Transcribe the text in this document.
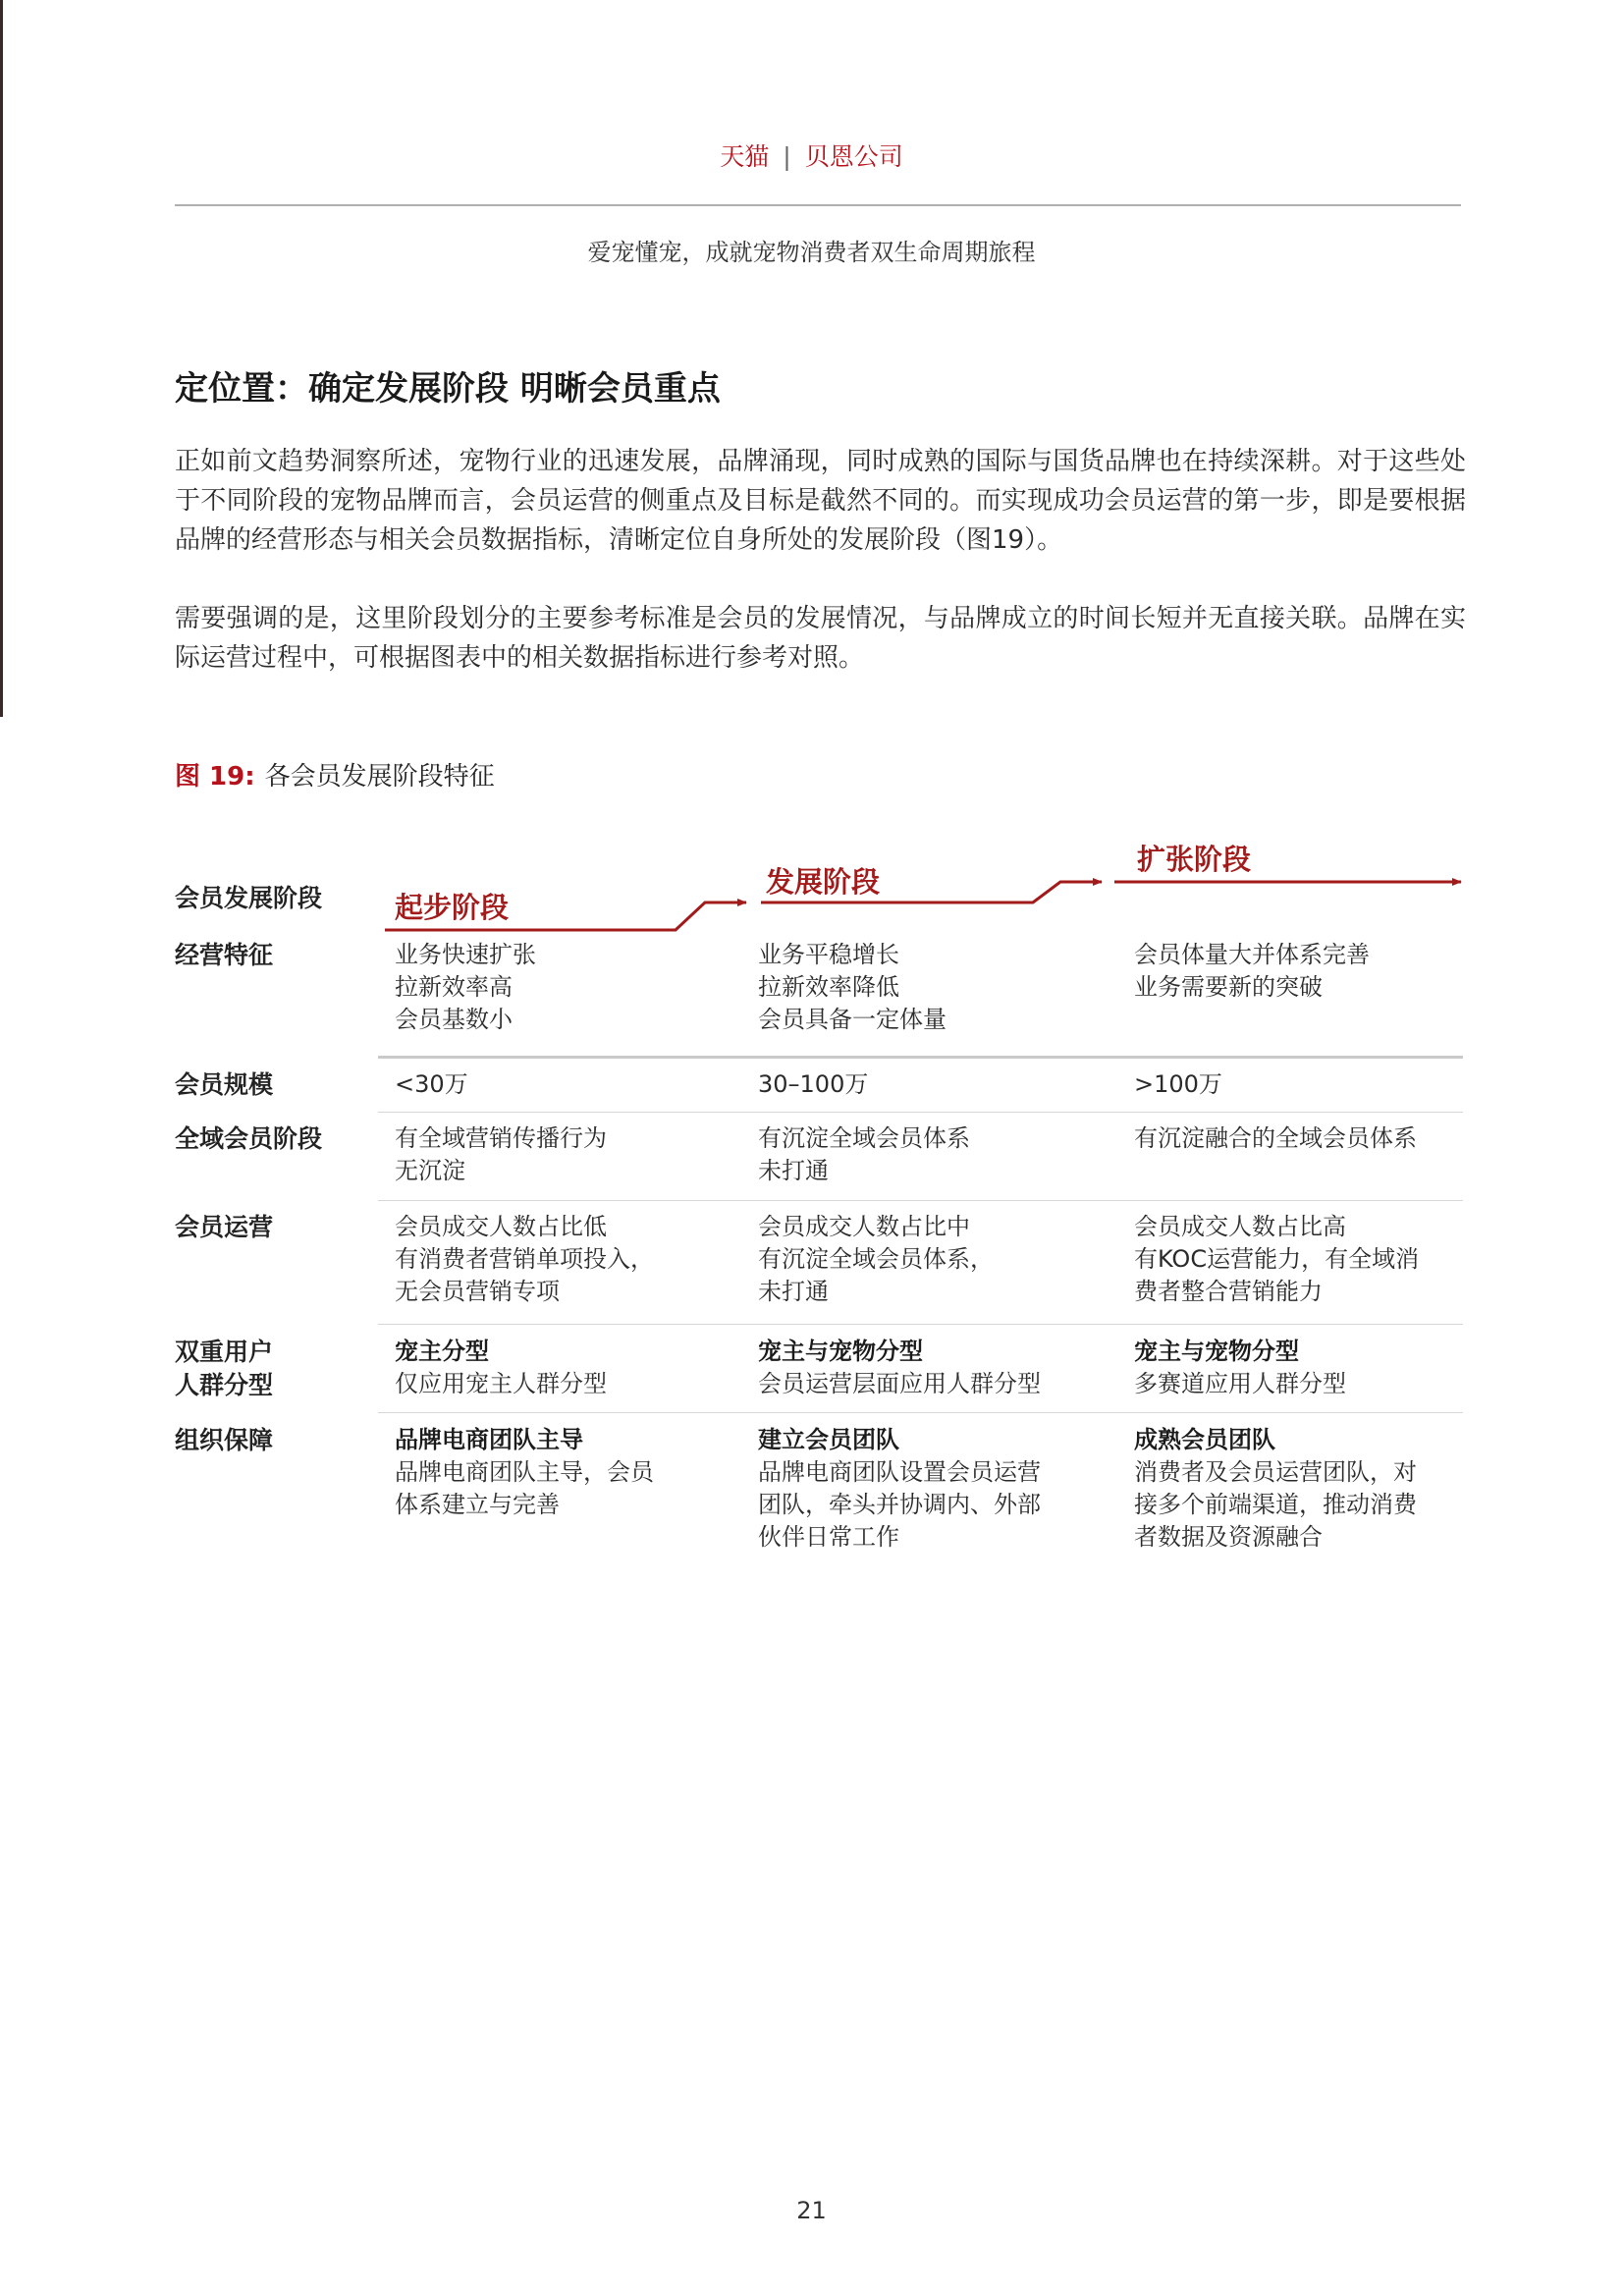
天猫 | 贝恩公司
爱宠懂宠，成就宠物消费者双生命周期旅程
定位置：确定发展阶段 明晰会员重点
正如前文趋势洞察所述，宠物行业的迅速发展，品牌涌现，同时成熟的国际与国货品牌也在持续深耕。对于这些处于不同阶段的宠物品牌而言，会员运营的侧重点及目标是截然不同的。而实现成功会员运营的第一步，即是要根据品牌的经营形态与相关会员数据指标，清晰定位自身所处的发展阶段（图19）。
需要强调的是，这里阶段划分的主要参考标准是会员的发展情况，与品牌成立的时间长短并无直接关联。品牌在实际运营过程中，可根据图表中的相关数据指标进行参考对照。
图 19: 各会员发展阶段特征
起步阶段
发展阶段
扩张阶段
会员发展阶段
经营特征
会员规模
全域会员阶段
会员运营
双重用户
人群分型
组织保障
业务快速扩张
拉新效率高
会员基数小
业务平稳增长
拉新效率降低
会员具备一定体量
会员体量大并体系完善
业务需要新的突破
<30万	30–100万	>100万
有全域营销传播行为
无沉淀
有沉淀全域会员体系
未打通
有沉淀融合的全域会员体系
会员成交人数占比低
有消费者营销单项投入，
无会员营销专项
会员成交人数占比中
有沉淀全域会员体系，
未打通
会员成交人数占比高
有KOC运营能力，有全域消
费者整合营销能力
宠主分型
仅应用宠主人群分型
宠主与宠物分型
会员运营层面应用人群分型
宠主与宠物分型
多赛道应用人群分型
品牌电商团队主导
品牌电商团队主导，会员
体系建立与完善
建立会员团队
品牌电商团队设置会员运营
团队，牵头并协调内、外部
伙伴日常工作
成熟会员团队
消费者及会员运营团队，对
接多个前端渠道，推动消费
者数据及资源融合
21
